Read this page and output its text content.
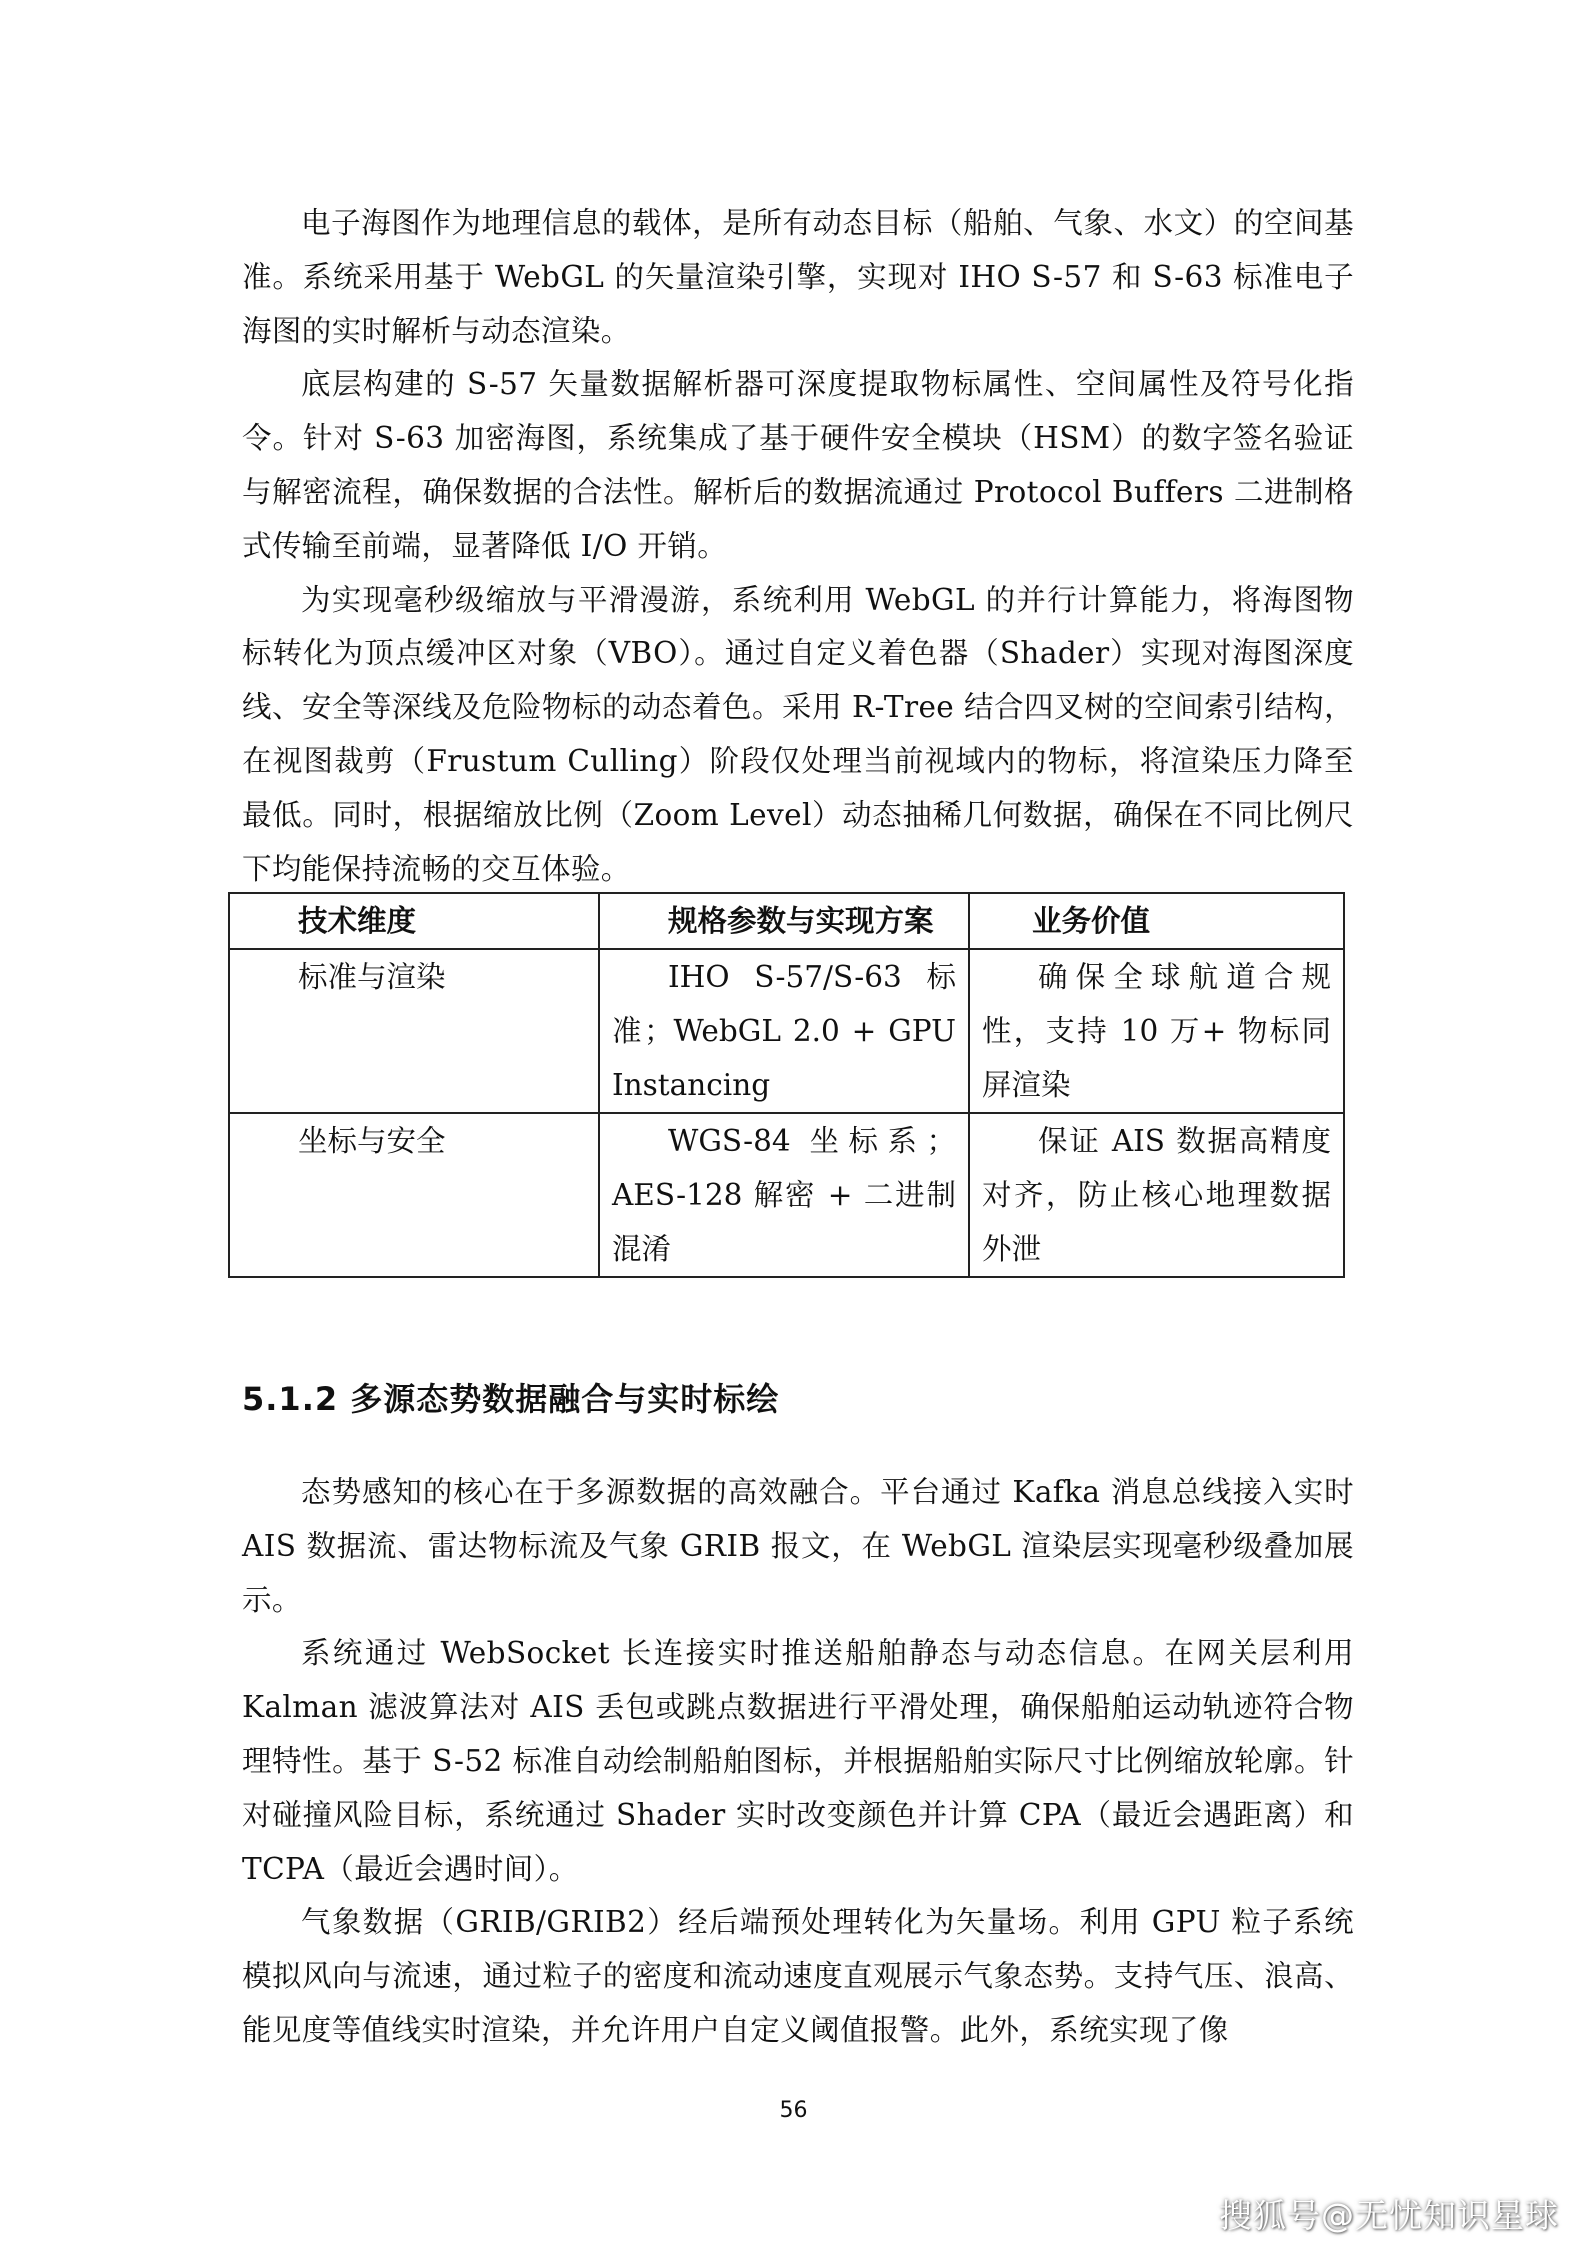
电子海图作为地理信息的载体，是所有动态目标（船舶、气象、水文）的空间基准。系统采用基于 WebGL 的矢量渲染引擎，实现对 IHO S-57 和 S-63 标准电子海图的实时解析与动态渲染。

底层构建的 S-57 矢量数据解析器可深度提取物标属性、空间属性及符号化指令。针对 S-63 加密海图，系统集成了基于硬件安全模块（HSM）的数字签名验证与解密流程，确保数据的合法性。解析后的数据流通过 Protocol Buffers 二进制格式传输至前端，显著降低 I/O 开销。

为实现毫秒级缩放与平滑漫游，系统利用 WebGL 的并行计算能力，将海图物标转化为顶点缓冲区对象（VBO）。通过自定义着色器（Shader）实现对海图深度线、安全等深线及危险物标的动态着色。采用 R-Tree 结合四叉树的空间索引结构，在视图裁剪（Frustum Culling）阶段仅处理当前视域内的物标，将渲染压力降至最低。同时，根据缩放比例（Zoom Level）动态抽稀几何数据，确保在不同比例尺下均能保持流畅的交互体验。

技术维度	规格参数与实现方案	业务价值
标准与渲染	IHO S-57/S-63 标准；WebGL 2.0 + GPU Instancing	确保全球航道合规性，支持 10 万+ 物标同屏渲染
坐标与安全	WGS-84 坐标系；AES-128 解密 + 二进制混淆	保证 AIS 数据高精度对齐，防止核心地理数据外泄
5.1.2 多源态势数据融合与实时标绘

态势感知的核心在于多源数据的高效融合。平台通过 Kafka 消息总线接入实时 AIS 数据流、雷达物标流及气象 GRIB 报文，在 WebGL 渲染层实现毫秒级叠加展示。

系统通过 WebSocket 长连接实时推送船舶静态与动态信息。在网关层利用 Kalman 滤波算法对 AIS 丢包或跳点数据进行平滑处理，确保船舶运动轨迹符合物理特性。基于 S-52 标准自动绘制船舶图标，并根据船舶实际尺寸比例缩放轮廓。针对碰撞风险目标，系统通过 Shader 实时改变颜色并计算 CPA（最近会遇距离）和 TCPA（最近会遇时间）。

气象数据（GRIB/GRIB2）经后端预处理转化为矢量场。利用 GPU 粒子系统模拟风向与流速，通过粒子的密度和流动速度直观展示气象态势。支持气压、浪高、能见度等值线实时渲染，并允许用户自定义阈值报警。此外，系统实现了像

56
搜狐号@无忧知识星球
